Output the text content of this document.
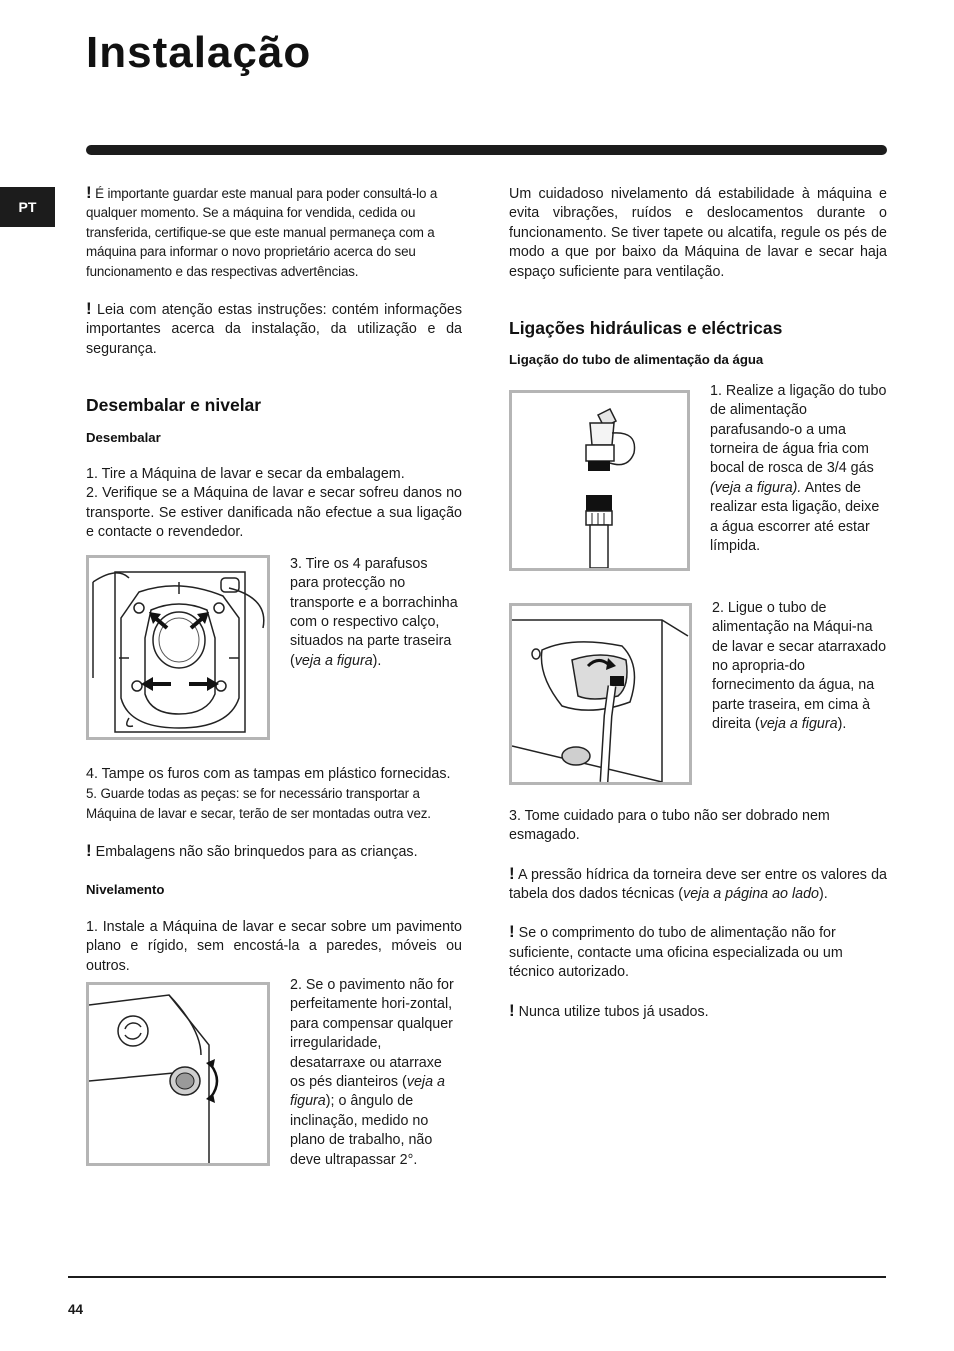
Instalação
PT

! É importante guardar este manual para poder consultá-lo a qualquer momento. Se a máquina for vendida, cedida ou transferida, certifique-se que este manual permaneça com a máquina para informar o novo proprietário acerca do seu funcionamento e das respectivas advertências.

! Leia com atenção estas instruções: contém informações importantes acerca da instalação, da utilização e da segurança.

Desembalar e nivelar
Desembalar

1. Tire a Máquina de lavar e secar da embalagem.

2. Verifique se a Máquina de lavar e secar sofreu danos no transporte. Se estiver danificada não efectue a sua ligação e contacte o revendedor.

3. Tire os 4 parafusos para protecção no transporte e a borrachinha com o respectivo calço, situados na parte traseira (veja a figura).

4. Tampe os furos com as tampas em plástico fornecidas.

5. Guarde todas as peças: se for necessário transportar a Máquina de lavar e secar, terão de ser montadas outra vez.

! Embalagens não são brinquedos para as crianças.

Nivelamento

1. Instale a Máquina de lavar e secar sobre um pavimento plano e rígido, sem encostá-la a paredes, móveis ou outros.

2. Se o pavimento não for perfeitamente hori-zontal, para compensar qualquer irregularidade, desatarraxe ou atarraxe os pés dianteiros (veja a figura); o ângulo de inclinação, medido no plano de trabalho, não deve ultrapassar 2°.

Um cuidadoso nivelamento dá estabilidade à máquina e evita vibrações, ruídos e deslocamentos durante o funcionamento. Se tiver tapete ou alcatifa, regule os pés de modo a que por baixo da Máquina de lavar e secar haja espaço suficiente para ventilação.

Ligações hidráulicas e eléctricas
Ligação do tubo de alimentação da água

1. Realize a ligação do tubo de alimentação parafusando-o a uma torneira de água fria com bocal de rosca de 3/4 gás (veja a figura). Antes de realizar esta ligação, deixe a água escorrer até estar límpida.

2. Ligue o tubo de alimentação na Máqui-na de lavar e secar atarraxado no apropria-do fornecimento da água, na parte traseira, em cima à direita (veja a figura).

3. Tome cuidado para o tubo não ser dobrado nem esmagado.

! A pressão hídrica da torneira deve ser entre os valores da tabela dos dados técnicas (veja a página ao lado).

! Se o comprimento do tubo de alimentação não for suficiente, contacte uma oficina especializada ou um técnico autorizado.

! Nunca utilize tubos já usados.

44
